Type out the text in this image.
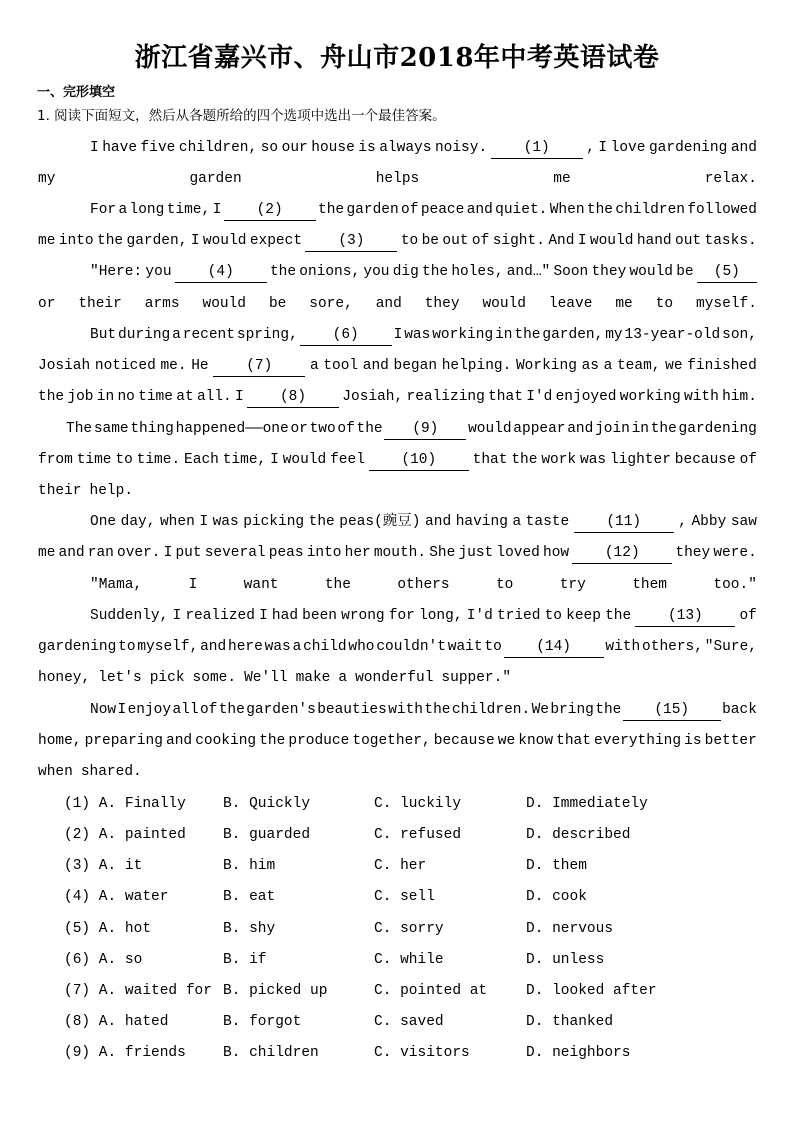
浙江省嘉兴市、舟山市2018年中考英语试卷
一、完形填空
1. 阅读下面短文，然后从各题所给的四个选项中选出一个最佳答案。
I have five children, so our house is always noisy.	(1)	, I love gardening and
my	garden	helps	me	relax.
For a long time, I	(2)	the garden of peace and quiet. When the children followed
me into the garden, I would expect	(3)	to be out of sight. And I would hand out tasks.
"Here: you	(4)	the onions, you dig the holes, and…" Soon they would be	(5)
or their arms would be sore, and they would leave me to myself.
But during a recent spring,	(6)	I was working in the garden, my 13-year-old son,
Josiah noticed me. He	(7)	a tool and began helping. Working as a team, we finished
the job in no time at all. I	(8)	Josiah, realizing that I'd enjoyed working with him.
The same thing happened——one or two of the	(9)	would appear and join in the gardening
from time to time. Each time, I would feel	(10)	that the work was lighter because of
their help.
One day, when I was picking the peas(豌豆) and having a taste	(11)	, Abby saw
me and ran over. I put several peas into her mouth. She just loved how	(12)	they were.
"Mama,	I	want	the	others	to	try	them	too."
Suddenly, I realized I had been wrong for long, I'd tried to keep the	(13)	of
gardening to myself, and here was a child who couldn't wait to	(14)	with others, "Sure,
honey, let's pick some. We'll make a wonderful supper."
Now I enjoy all of the garden's beauties with the children. We bring the	(15)	back
home, preparing and cooking the produce together, because we know that everything is better
when shared.
(1) A. Finally	B. Quickly	C. luckily	D. Immediately
(2) A. painted	B. guarded	C. refused	D. described
(3) A. it	B. him	C. her	D. them
(4) A. water	B. eat	C. sell	D. cook
(5) A. hot	B. shy	C. sorry	D. nervous
(6) A. so	B. if	C. while	D. unless
(7) A. waited for B. picked up	C. pointed at	D. looked after
(8) A. hated	B. forgot	C. saved	D. thanked
(9) A. friends	B. children	C. visitors	D. neighbors
